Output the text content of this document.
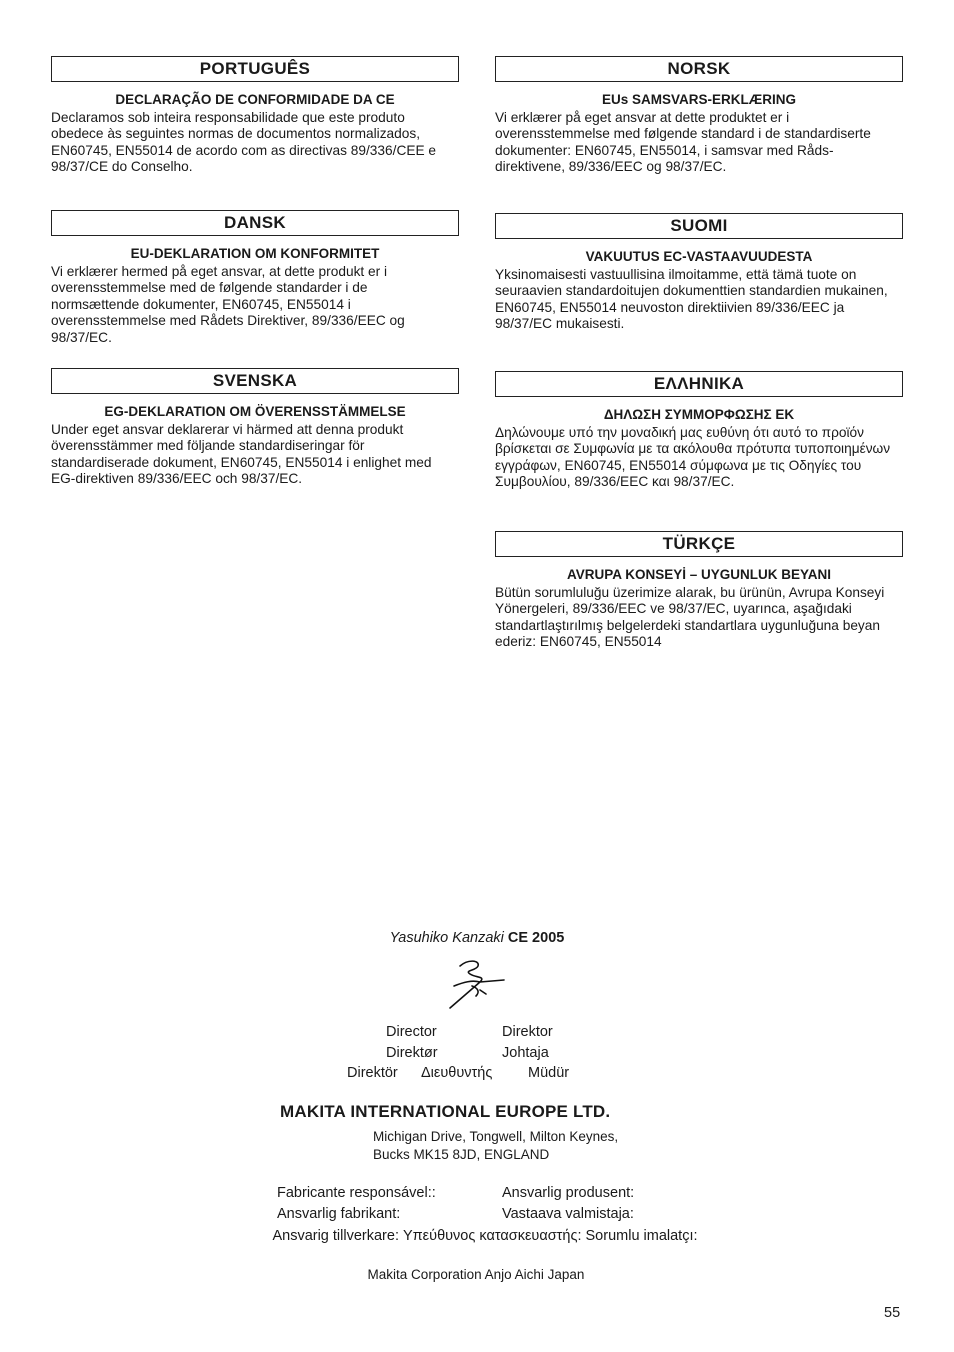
PORTUGUÊS
DECLARAÇÃO DE CONFORMIDADE DA CE
Declaramos sob inteira responsabilidade que este produto obedece às seguintes normas de documentos normalizados, EN60745, EN55014 de acordo com as directivas 89/336/CEE e 98/37/CE do Conselho.
DANSK
EU-DEKLARATION OM KONFORMITET
Vi erklærer hermed på eget ansvar, at dette produkt er i overensstemmelse med de følgende standarder i de normsættende dokumenter, EN60745, EN55014 i overensstemmelse med Rådets Direktiver, 89/336/EEC og 98/37/EC.
SVENSKA
EG-DEKLARATION OM ÖVERENSSTÄMMELSE
Under eget ansvar deklarerar vi härmed att denna produkt överensstämmer med följande standardiseringar för standardiserade dokument, EN60745, EN55014 i enlighet med EG-direktiven 89/336/EEC och 98/37/EC.
NORSK
EUs SAMSVARS-ERKLÆRING
Vi erklærer på eget ansvar at dette produktet er i overensstemmelse med følgende standard i de standardiserte dokumenter: EN60745, EN55014, i samsvar med Råds-direktivene, 89/336/EEC og 98/37/EC.
SUOMI
VAKUUTUS EC-VASTAAVUUDESTA
Yksinomaisesti vastuullisina ilmoitamme, että tämä tuote on seuraavien standardoitujen dokumenttien standardien mukainen, EN60745, EN55014 neuvoston direktiivien 89/336/EEC ja 98/37/EC mukaisesti.
ΕΛΛΗΝΙΚΑ
ΔΗΛΩΣΗ ΣΥΜΜΟΡΦΩΣΗΣ ΕΚ
Δηλώνουμε υπό την μοναδική μας ευθύνη ότι αυτό το προϊόν βρίσκεται σε Συμφωνία με τα ακόλουθα πρότυπα τυποποιημένων εγγράφων, EN60745, EN55014 σύμφωνα με τις Οδηγίες του Συμβουλίου, 89/336/EEC και 98/37/EC.
TÜRKÇE
AVRUPA KONSEYİ – UYGUNLUK BEYANI
Bütün sorumluluğu üzerimize alarak, bu ürünün, Avrupa Konseyi Yönergeleri, 89/336/EEC ve 98/37/EC, uyarınca, aşağıdaki standartlaştırılmış belgelerdeki standartlara uygunluğuna beyan ederiz: EN60745, EN55014
Yasuhiko Kanzaki CE 2005
Director	Direktor
Direktør	Johtaja
Direktör Διευθυντής Müdür
MAKITA INTERNATIONAL EUROPE LTD.
Michigan Drive, Tongwell, Milton Keynes,
Bucks MK15 8JD, ENGLAND
Fabricante responsável::	Ansvarlig produsent:
Ansvarlig fabrikant:	Vastaava valmistaja:
Ansvarig tillverkare: Υπεύθυνος κατασκευαστής: Sorumlu imalatçı:
Makita Corporation Anjo Aichi Japan
55
